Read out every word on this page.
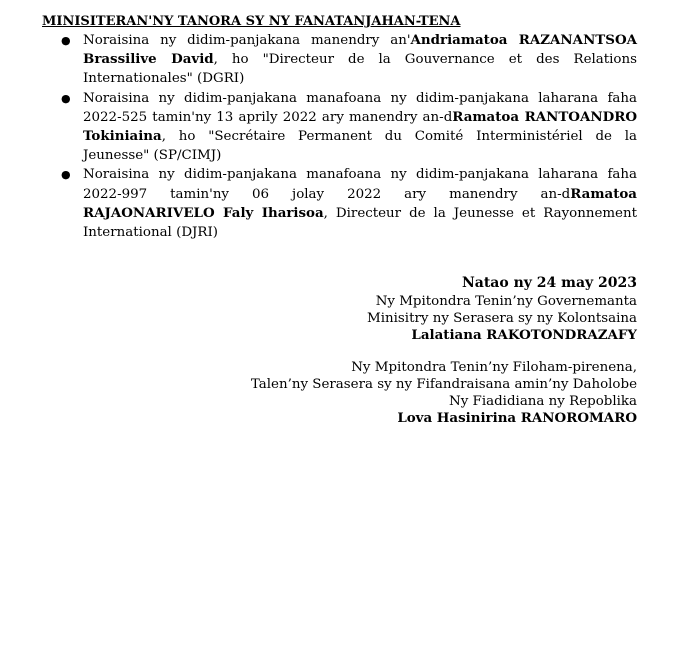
MINISITERAN'NY TANORA SY NY FANATANJAHAN-TENA
● Noraisina ny didim-panjakana manendry an'Andriamatoa RAZANANTSOA Brassilive David, ho "Directeur de la Gouvernance et des Relations Internationales" (DGRI)
● Noraisina ny didim-panjakana manafoana ny didim-panjakana laharana faha 2022-525 tamin'ny 13 aprily 2022 ary manendry an-dRamatoa RANTOANDRO Tokiniaina, ho "Secrétaire Permanent du Comité Interministériel de la Jeunesse" (SP/CIMJ)
● Noraisina ny didim-panjakana manafoana ny didim-panjakana laharana faha 2022-997 tamin'ny 06 jolay 2022 ary manendry an-dRamatoa RAJAONARIVELO Faly Iharisoa, Directeur de la Jeunesse et Rayonnement International (DJRI)
Natao ny 24 may 2023
Ny Mpitondra Tenin’ny Governemanta
Minisitry ny Serasera sy ny Kolontsaina
Lalatiana RAKOTONDRAZAFY
Ny Mpitondra Tenin’ny Filoham-pirenena,
Talen’ny Serasera sy ny Fifandraisana amin’ny Daholobe
Ny Fiadidiana ny Repoblika
Lova Hasinirina RANOROMARO
